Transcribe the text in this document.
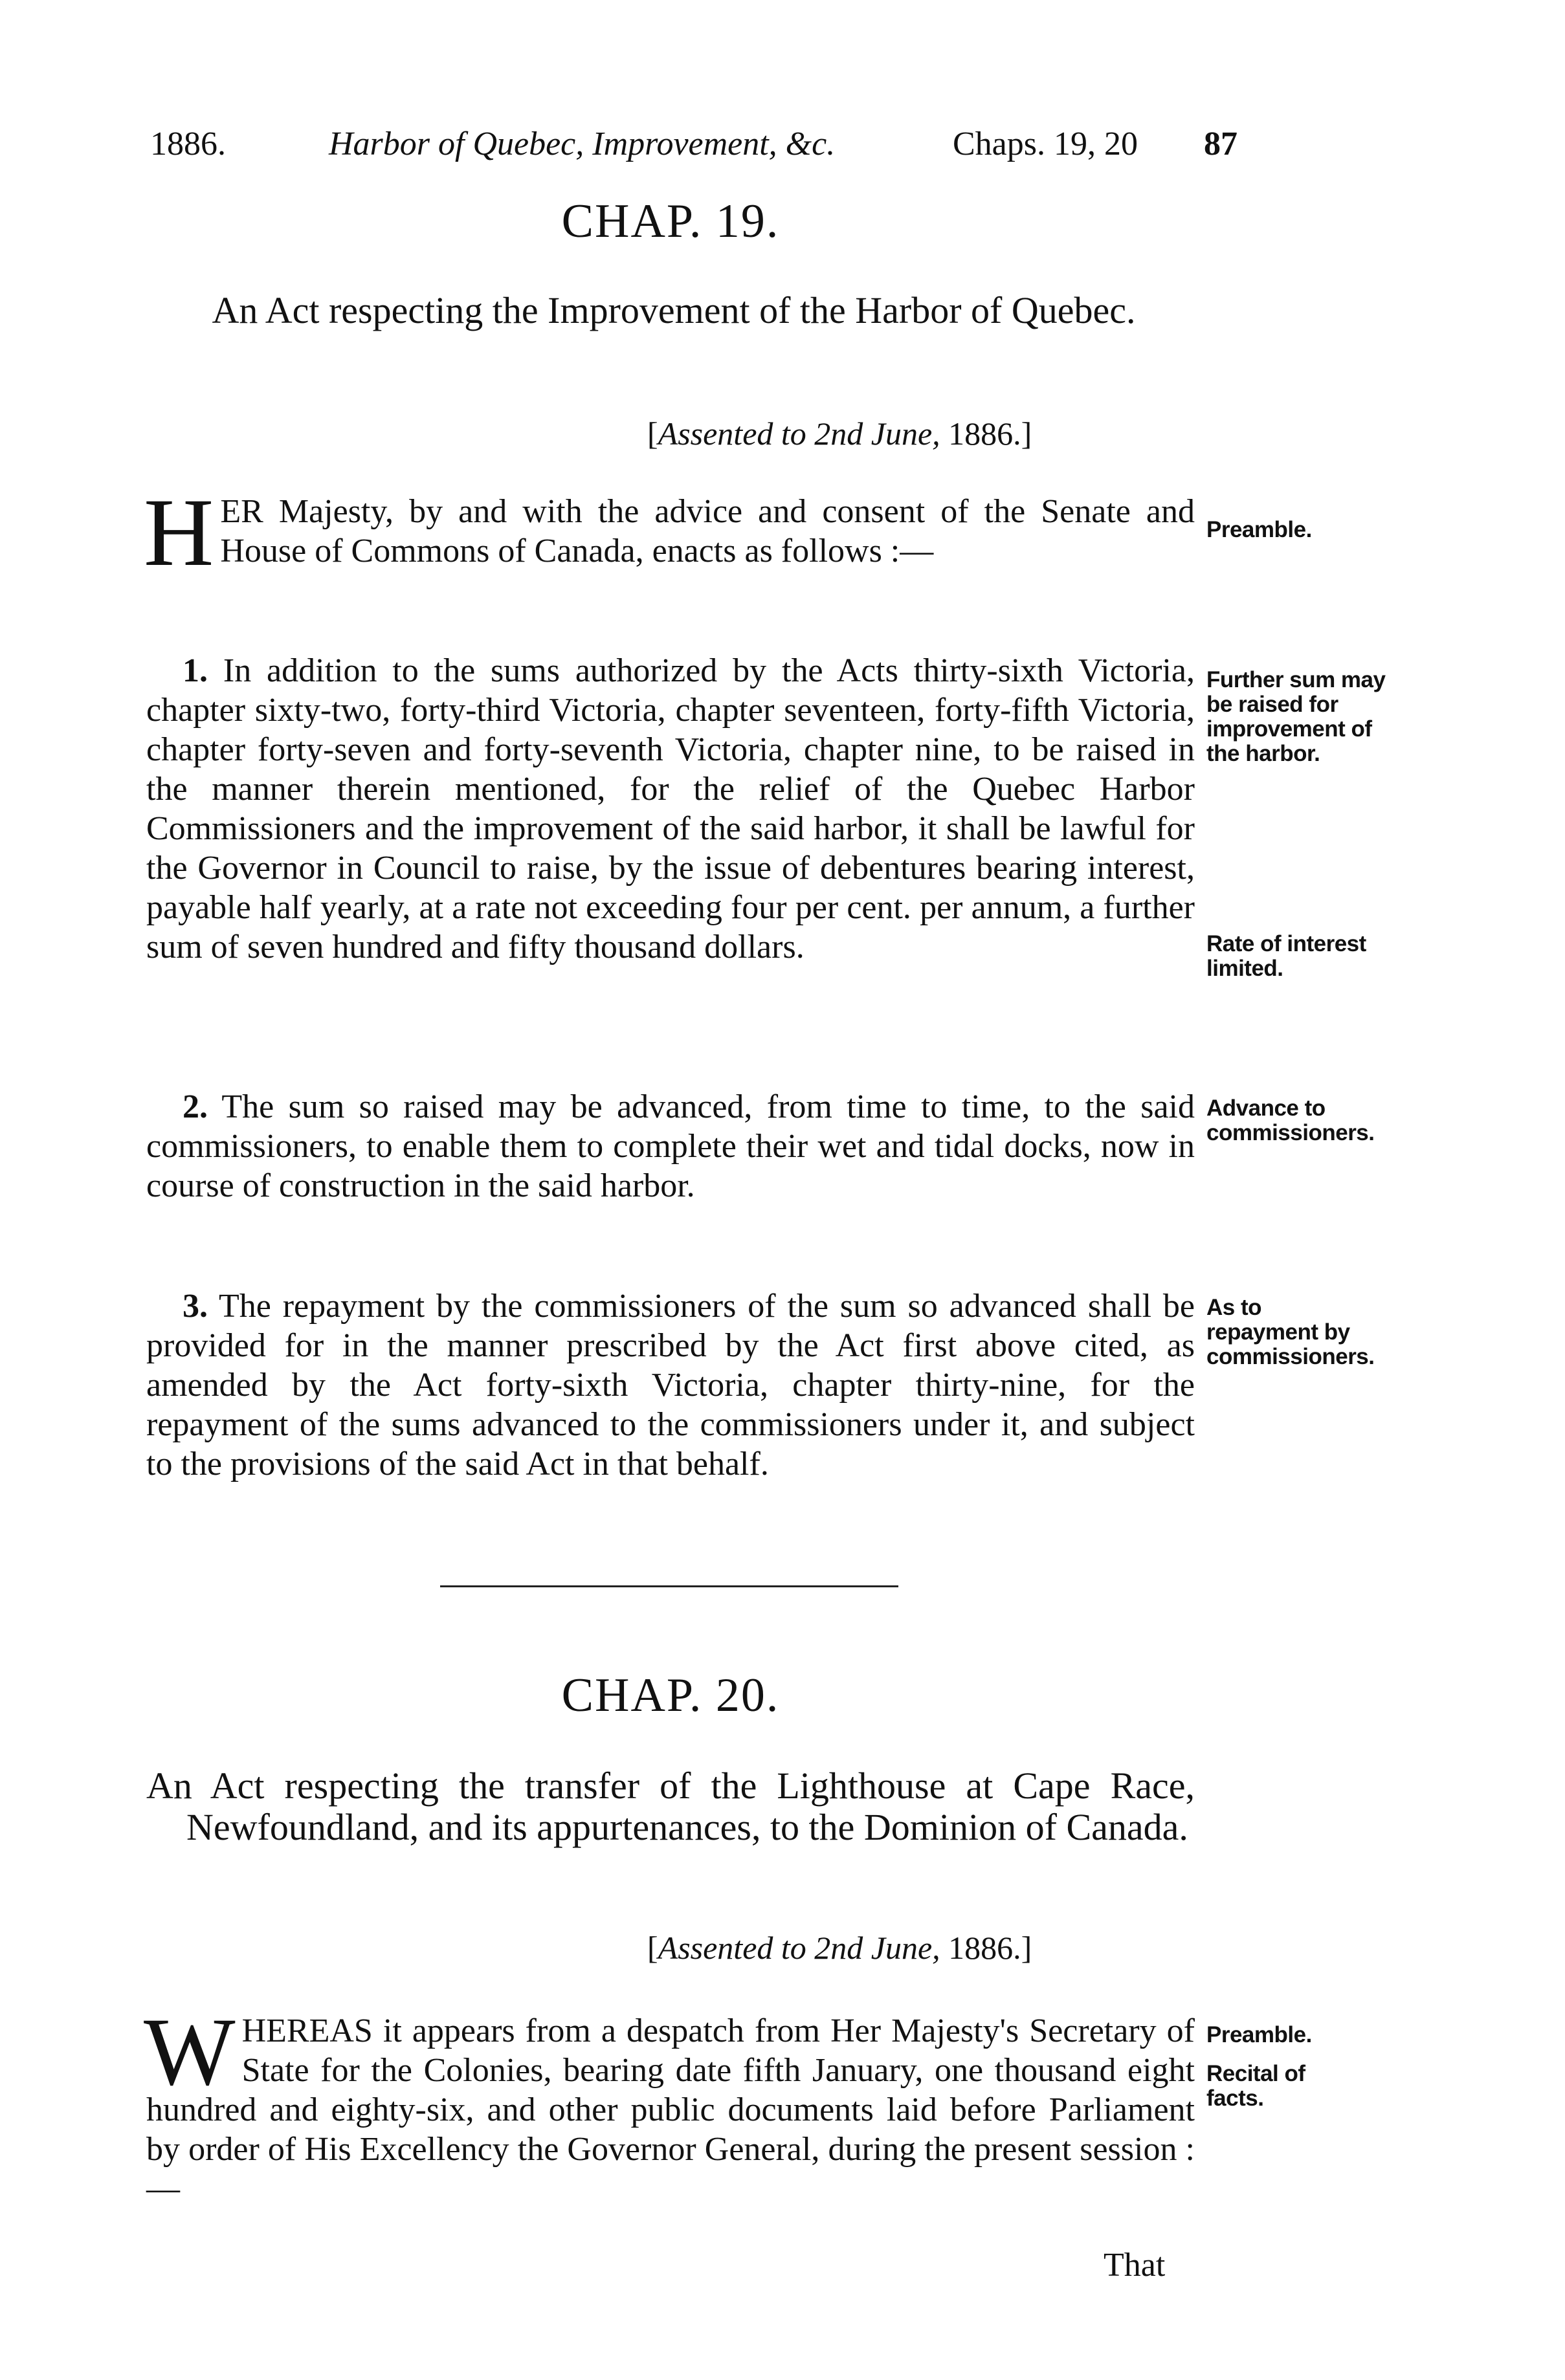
1886.	Harbor of Quebec, Improvement, &c.	Chaps. 19, 20 87
CHAP. 19.
An Act respecting the Improvement of the Harbor of Quebec.
[Assented to 2nd June, 1886.]
HER Majesty, by and with the advice and consent of the Senate and House of Commons of Canada, enacts as follows :—
Preamble.
1. In addition to the sums authorized by the Acts thirty-sixth Victoria, chapter sixty-two, forty-third Victoria, chapter seventeen, forty-fifth Victoria, chapter forty-seven and forty-seventh Victoria, chapter nine, to be raised in the manner therein mentioned, for the relief of the Quebec Harbor Commissioners and the improvement of the said harbor, it shall be lawful for the Governor in Council to raise, by the issue of debentures bearing interest, payable half yearly, at a rate not exceeding four per cent. per annum, a further sum of seven hundred and fifty thousand dollars.
Further sum may be raised for improvement of the harbor.
Rate of interest limited.
2. The sum so raised may be advanced, from time to time, to the said commissioners, to enable them to complete their wet and tidal docks, now in course of construction in the said harbor.
Advance to commissioners.
3. The repayment by the commissioners of the sum so advanced shall be provided for in the manner prescribed by the Act first above cited, as amended by the Act forty-sixth Victoria, chapter thirty-nine, for the repayment of the sums advanced to the commissioners under it, and subject to the provisions of the said Act in that behalf.
As to repayment by commissioners.
CHAP. 20.
An Act respecting the transfer of the Lighthouse at Cape Race, Newfoundland, and its appurtenances, to the Dominion of Canada.
[Assented to 2nd June, 1886.]
WHEREAS it appears from a despatch from Her Majesty's Secretary of State for the Colonies, bearing date fifth January, one thousand eight hundred and eighty-six, and other public documents laid before Parliament by order of His Excellency the Governor General, during the present session :—
Preamble.
Recital of facts.
That
